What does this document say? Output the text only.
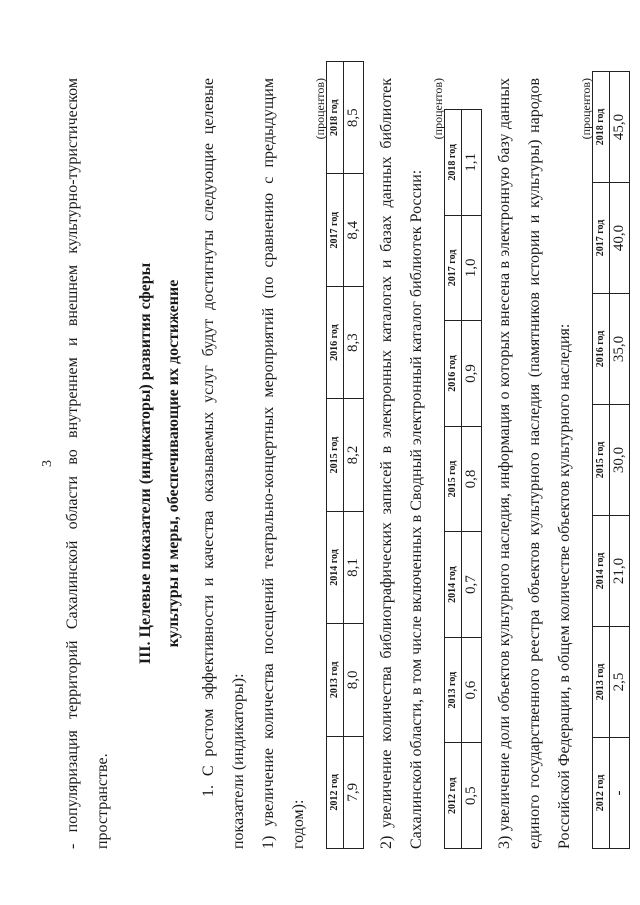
3 - популяризация территорий Сахалинской области во внутреннем и внешнем культурно-туристическом пространстве.

III. Целевые показатели (индикаторы) развития сферы культуры и меры, обеспечивающие их достижение	1. С ростом эффективности и качества оказываемых услуг будут достигнуты следующие целевые показатели (индикаторы): 1) увеличение количества посещений театрально-концертных мероприятий (по сравнению с предыдущим годом):

(процентов)
2012 год	2013 год	2014 год	2015 год	2016 год	2017 год	2018 год
7,9	8,0	8,1	8,2	8,3	8,4	8,5	2) увеличение количества библиографических записей в электронных каталогах и базах данных библиотек Сахалинской области, в том числе включенных в Сводный электронный каталог библиотек России:

(процентов)
2012 год	2013 год	2014 год	2015 год	2016 год	2017 год	2018 год
0,5	0,6	0,7	0,8	0,9	1,0	1,1	3) увеличение доли объектов культурного наследия, информация о которых внесена в электронную базу данных единого государственного реестра объектов культурного наследия (памятников истории и культуры) народов Российской Федерации, в общем количестве объектов культурного наследия:

(процентов)
2012 год	2013 год	2014 год	2015 год	2016 год	2017 год	2018 год
-	2,5	21,0	30,0	35,0	40,0	45,0
